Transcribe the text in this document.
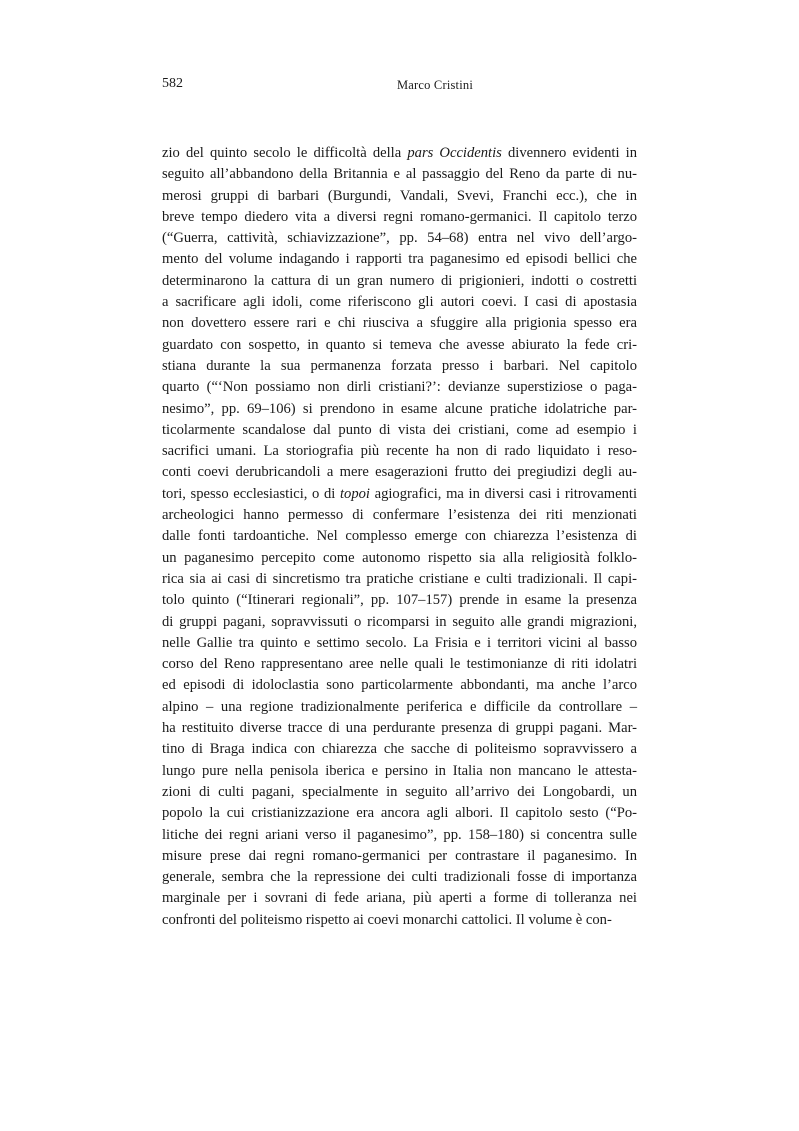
582	Marco Cristini
zio del quinto secolo le difficoltà della pars Occidentis divennero evidenti in
seguito all’abbandono della Britannia e al passaggio del Reno da parte di nu-
merosi gruppi di barbari (Burgundi, Vandali, Svevi, Franchi ecc.), che in
breve tempo diedero vita a diversi regni romano-germanici. Il capitolo terzo
(“Guerra, cattività, schiavizzazione”, pp. 54–68) entra nel vivo dell’argo-
mento del volume indagando i rapporti tra paganesimo ed episodi bellici che
determinarono la cattura di un gran numero di prigionieri, indotti o costretti
a sacrificare agli idoli, come riferiscono gli autori coevi. I casi di apostasia
non dovettero essere rari e chi riusciva a sfuggire alla prigionia spesso era
guardato con sospetto, in quanto si temeva che avesse abiurato la fede cri-
stiana durante la sua permanenza forzata presso i barbari. Nel capitolo
quarto (“‘Non possiamo non dirli cristiani?’: devianze superstiziose o paga-
nesimo”, pp. 69–106) si prendono in esame alcune pratiche idolatriche par-
ticolarmente scandalose dal punto di vista dei cristiani, come ad esempio i
sacrifici umani. La storiografia più recente ha non di rado liquidato i reso-
conti coevi derubricandoli a mere esagerazioni frutto dei pregiudizi degli au-
tori, spesso ecclesiastici, o di topoi agiografici, ma in diversi casi i ritrovamenti
archeologici hanno permesso di confermare l’esistenza dei riti menzionati
dalle fonti tardoantiche. Nel complesso emerge con chiarezza l’esistenza di
un paganesimo percepito come autonomo rispetto sia alla religiosità folklo-
rica sia ai casi di sincretismo tra pratiche cristiane e culti tradizionali. Il capi-
tolo quinto (“Itinerari regionali”, pp. 107–157) prende in esame la presenza
di gruppi pagani, sopravvissuti o ricomparsi in seguito alle grandi migrazioni,
nelle Gallie tra quinto e settimo secolo. La Frisia e i territori vicini al basso
corso del Reno rappresentano aree nelle quali le testimonianze di riti idolatri
ed episodi di idoloclastia sono particolarmente abbondanti, ma anche l’arco
alpino – una regione tradizionalmente periferica e difficile da controllare –
ha restituito diverse tracce di una perdurante presenza di gruppi pagani. Mar-
tino di Braga indica con chiarezza che sacche di politeismo sopravvissero a
lungo pure nella penisola iberica e persino in Italia non mancano le attesta-
zioni di culti pagani, specialmente in seguito all’arrivo dei Longobardi, un
popolo la cui cristianizzazione era ancora agli albori. Il capitolo sesto (“Po-
litiche dei regni ariani verso il paganesimo”, pp. 158–180) si concentra sulle
misure prese dai regni romano-germanici per contrastare il paganesimo. In
generale, sembra che la repressione dei culti tradizionali fosse di importanza
marginale per i sovrani di fede ariana, più aperti a forme di tolleranza nei
confronti del politeismo rispetto ai coevi monarchi cattolici. Il volume è con-
